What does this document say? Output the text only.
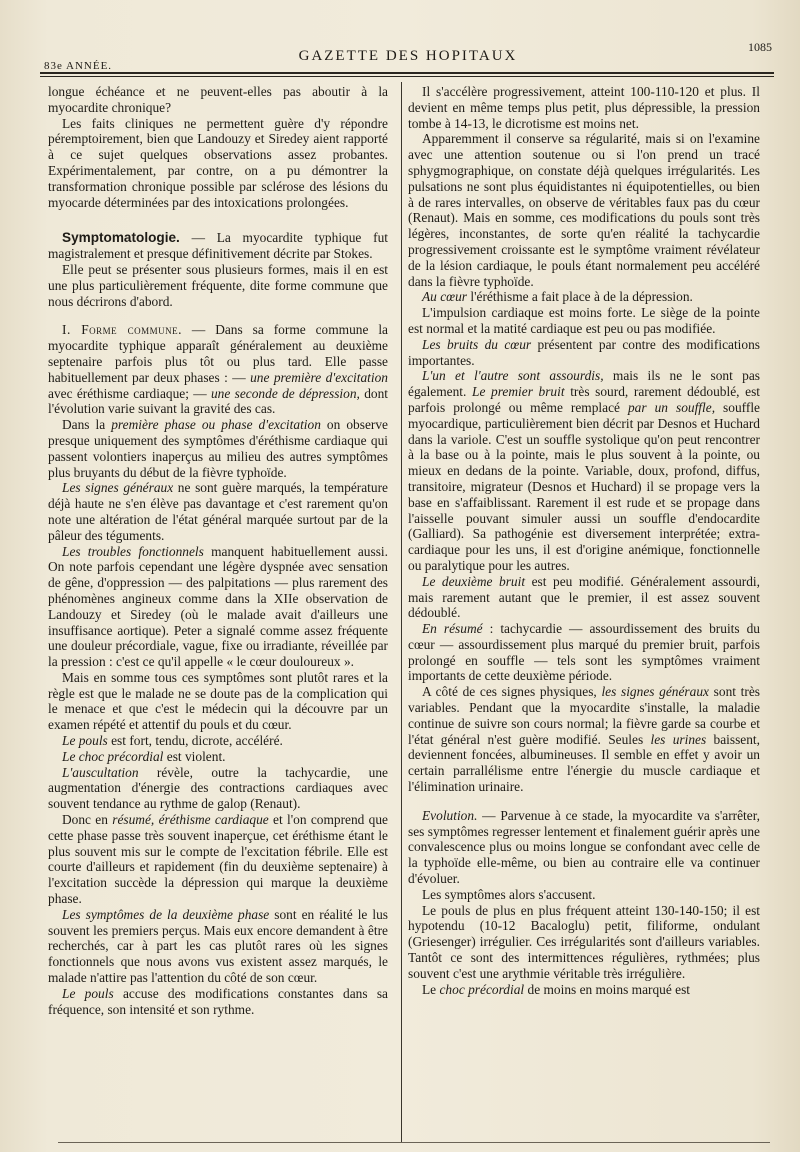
83e ANNÉE.
GAZETTE DES HOPITAUX
1085

longue échéance et ne peuvent-elles pas aboutir à la myocardite chronique?

Les faits cliniques ne permettent guère d'y répondre péremptoirement, bien que Landouzy et Siredey aient rapporté à ce sujet quelques observations assez probantes. Expérimentalement, par contre, on a pu démontrer la transformation chronique possible par sclérose des lésions du myocarde déterminées par des intoxications prolongées.

Symptomatologie. — La myocardite typhique fut magistralement et presque définitivement décrite par Stokes.

Elle peut se présenter sous plusieurs formes, mais il en est une plus particulièrement fréquente, dite forme commune que nous décrirons d'abord.

I. Forme commune. — Dans sa forme commune la myocardite typhique apparaît généralement au deuxième septenaire parfois plus tôt ou plus tard. Elle passe habituellement par deux phases : — une première d'excitation avec éréthisme cardiaque; — une seconde de dépression, dont l'évolution varie suivant la gravité des cas.

Dans la première phase ou phase d'excitation on observe presque uniquement des symptômes d'éréthisme cardiaque qui passent volontiers inaperçus au milieu des autres symptômes plus bruyants du début de la fièvre typhoïde.

Les signes généraux ne sont guère marqués, la température déjà haute ne s'en élève pas davantage et c'est rarement qu'on note une altération de l'état général marquée surtout par de la pâleur des téguments.

Les troubles fonctionnels manquent habituellement aussi. On note parfois cependant une légère dyspnée avec sensation de gêne, d'oppression — des palpitations — plus rarement des phénomènes angineux comme dans la XIIe observation de Landouzy et Siredey (où le malade avait d'ailleurs une insuffisance aortique). Peter a signalé comme assez fréquente une douleur précordiale, vague, fixe ou irradiante, réveillée par la pression : c'est ce qu'il appelle « le cœur douloureux ».

Mais en somme tous ces symptômes sont plutôt rares et la règle est que le malade ne se doute pas de la complication qui le menace et que c'est le médecin qui la découvre par un examen répété et attentif du pouls et du cœur.

Le pouls est fort, tendu, dicrote, accéléré.

Le choc précordial est violent.

L'auscultation révèle, outre la tachycardie, une augmentation d'énergie des contractions cardiaques avec souvent tendance au rythme de galop (Renaut).

Donc en résumé, éréthisme cardiaque et l'on comprend que cette phase passe très souvent inaperçue, cet éréthisme étant le plus souvent mis sur le compte de l'excitation fébrile. Elle est courte d'ailleurs et rapidement (fin du deuxième septenaire) à l'excitation succède la dépression qui marque la deuxième phase.

Les symptômes de la deuxième phase sont en réalité le lus souvent les premiers perçus. Mais eux encore demandent à être recherchés, car à part les cas plutôt rares où les signes fonctionnels que nous avons vus existent assez marqués, le malade n'attire pas l'attention du côté de son cœur.

Le pouls accuse des modifications constantes dans sa fréquence, son intensité et son rythme.

Il s'accélère progressivement, atteint 100-110-120 et plus. Il devient en même temps plus petit, plus dépressible, la pression tombe à 14-13, le dicrotisme est moins net.

Apparemment il conserve sa régularité, mais si on l'examine avec une attention soutenue ou si l'on prend un tracé sphygmographique, on constate déjà quelques irrégularités. Les pulsations ne sont plus équidistantes ni équipotentielles, ou bien à de rares intervalles, on observe de véritables faux pas du cœur (Renaut). Mais en somme, ces modifications du pouls sont très légères, inconstantes, de sorte qu'en réalité la tachycardie progressivement croissante est le symptôme vraiment révélateur de la lésion cardiaque, le pouls étant normalement peu accéléré dans la fièvre typhoïde.

Au cœur l'éréthisme a fait place à de la dépression.

L'impulsion cardiaque est moins forte. Le siège de la pointe est normal et la matité cardiaque est peu ou pas modifiée.

Les bruits du cœur présentent par contre des modifications importantes.

L'un et l'autre sont assourdis, mais ils ne le sont pas également. Le premier bruit très sourd, rarement dédoublé, est parfois prolongé ou même remplacé par un souffle, souffle myocardique, particulièrement bien décrit par Desnos et Huchard dans la variole. C'est un souffle systolique qu'on peut rencontrer à la base ou à la pointe, mais le plus souvent à la pointe, ou mieux en dedans de la pointe. Variable, doux, profond, diffus, transitoire, migrateur (Desnos et Huchard) il se propage vers la base en s'affaiblissant. Rarement il est rude et se propage dans l'aisselle pouvant simuler aussi un souffle d'endocardite (Galliard). Sa pathogénie est diversement interprétée; extra-cardiaque pour les uns, il est d'origine anémique, fonctionnelle ou paralytique pour les autres.

Le deuxième bruit est peu modifié. Généralement assourdi, mais rarement autant que le premier, il est assez souvent dédoublé.

En résumé : tachycardie — assourdissement des bruits du cœur — assourdissement plus marqué du premier bruit, parfois prolongé en souffle — tels sont les symptômes vraiment importants de cette deuxième période.

A côté de ces signes physiques, les signes généraux sont très variables. Pendant que la myocardite s'installe, la maladie continue de suivre son cours normal; la fièvre garde sa courbe et l'état général n'est guère modifié. Seules les urines baissent, deviennent foncées, albumineuses. Il semble en effet y avoir un certain parrallélisme entre l'énergie du muscle cardiaque et l'élimination urinaire.

Evolution. — Parvenue à ce stade, la myocardite va s'arrêter, ses symptômes regresser lentement et finalement guérir après une convalescence plus ou moins longue se confondant avec celle de la typhoïde elle-même, ou bien au contraire elle va continuer d'évoluer.

Les symptômes alors s'accusent.

Le pouls de plus en plus fréquent atteint 130-140-150; il est hypotendu (10-12 Bacaloglu) petit, filiforme, ondulant (Griesenger) irrégulier. Ces irrégularités sont d'ailleurs variables. Tantôt ce sont des intermittences régulières, rythmées; plus souvent c'est une arythmie véritable très irrégulière.

Le choc précordial de moins en moins marqué est
